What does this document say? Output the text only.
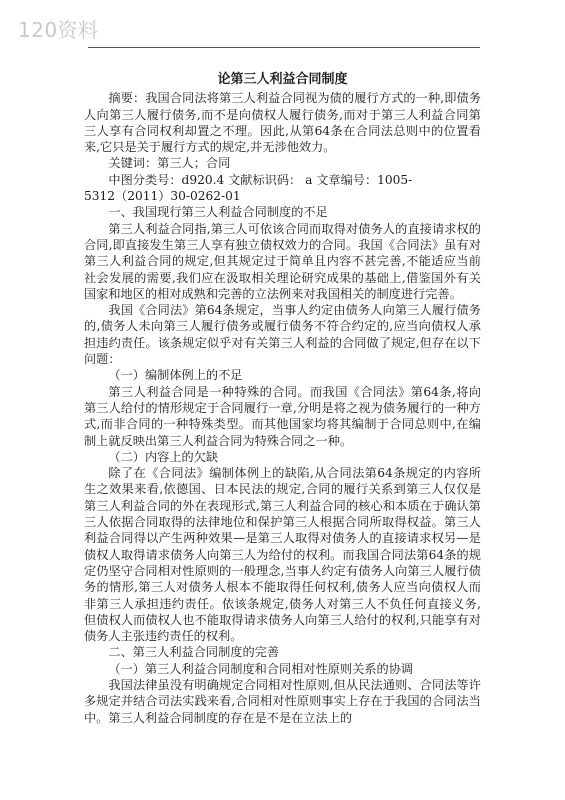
120资料
论第三人利益合同制度

摘要：我国合同法将第三人利益合同视为债的履行方式的一种,即债务人向第三人履行债务,而不是向债权人履行债务,而对于第三人利益合同第三人享有合同权利却置之不理。因此,从第64条在合同法总则中的位置看来,它只是关于履行方式的规定,并无涉他效力。

关键词：第三人；合同

中图分类号：d920.4 文献标识码： a 文章编号：1005-

5312（2011）30-0262-01

一、我国现行第三人利益合同制度的不足

第三人利益合同指,第三人可依该合同而取得对债务人的直接请求权的合同,即直接发生第三人享有独立债权效力的合同。我国《合同法》虽有对第三人利益合同的规定,但其规定过于简单且内容不甚完善,不能适应当前社会发展的需要,我们应在汲取相关理论研究成果的基础上,借鉴国外有关国家和地区的相对成熟和完善的立法例来对我国相关的制度进行完善。

我国《合同法》第64条规定，当事人约定由债务人向第三人履行债务的,债务人未向第三人履行债务或履行债务不符合约定的,应当向债权人承担违约责任。该条规定似乎对有关第三人利益的合同做了规定,但存在以下问题：

（一）编制体例上的不足

第三人利益合同是一种特殊的合同。而我国《合同法》第64条,将向第三人给付的情形规定于合同履行一章,分明是将之视为债务履行的一种方式,而非合同的一种特殊类型。而其他国家均将其编制于合同总则中,在编制上就反映出第三人利益合同为特殊合同之一种。

（二）内容上的欠缺

除了在《合同法》编制体例上的缺陷,从合同法第64条规定的内容所生之效果来看,依德国、日本民法的规定,合同的履行关系到第三人仅仅是第三人利益合同的外在表现形式,第三人利益合同的核心和本质在于确认第三人依据合同取得的法律地位和保护第三人根据合同所取得权益。第三人利益合同得以产生两种效果—是第三人取得对债务人的直接请求权另—是债权人取得请求债务人向第三人为给付的权利。而我国合同法第64条的规定仍坚守合同相对性原则的一般理念,当事人约定有债务人向第三人履行债务的情形,第三人对债务人根本不能取得任何权利,债务人应当向债权人而非第三人承担违约责任。依该条规定,债务人对第三人不负任何直接义务,但债权人而债权人也不能取得请求债务人向第三人给付的权利,只能享有对债务人主张违约责任的权利。

二、第三人利益合同制度的完善

（一）第三人利益合同制度和合同相对性原则关系的协调

我国法律虽没有明确规定合同相对性原则,但从民法通则、合同法等许多规定并结合司法实践来看,合同相对性原则事实上存在于我国的合同法当中。第三人利益合同制度的存在是不是在立法上的
